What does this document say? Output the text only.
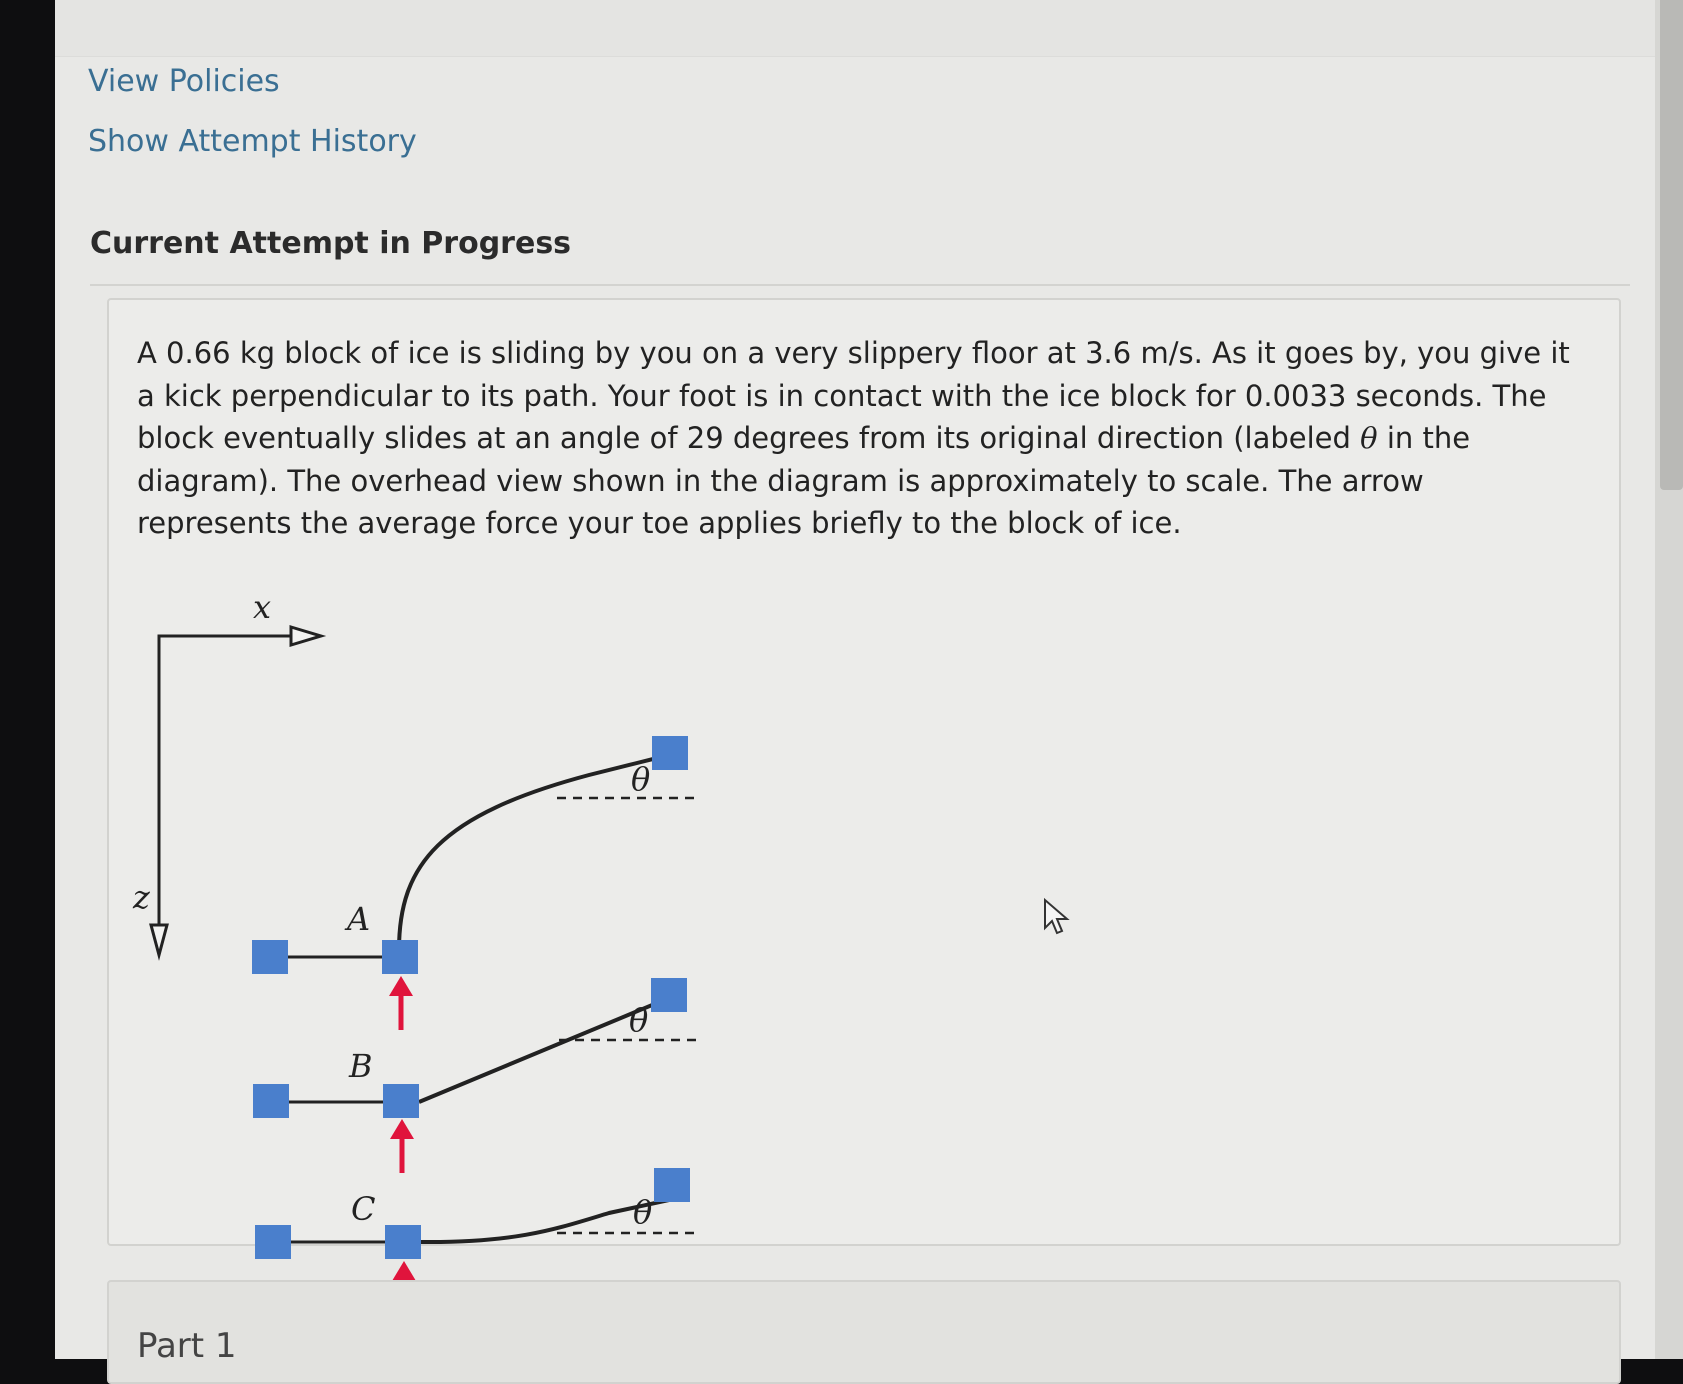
View Policies
Show Attempt History
Current Attempt in Progress
A 0.66 kg block of ice is sliding by you on a very slippery floor at 3.6 m/s. As it goes by, you give it a kick perpendicular to its path. Your foot is in contact with the ice block for 0.0033 seconds. The block eventually slides at an angle of 29 degrees from its original direction (labeled θ in the diagram). The overhead view shown in the diagram is approximately to scale. The arrow represents the average force your toe applies briefly to the block of ice.
x
z
A
θ
B
θ
C	θ
Part 1
